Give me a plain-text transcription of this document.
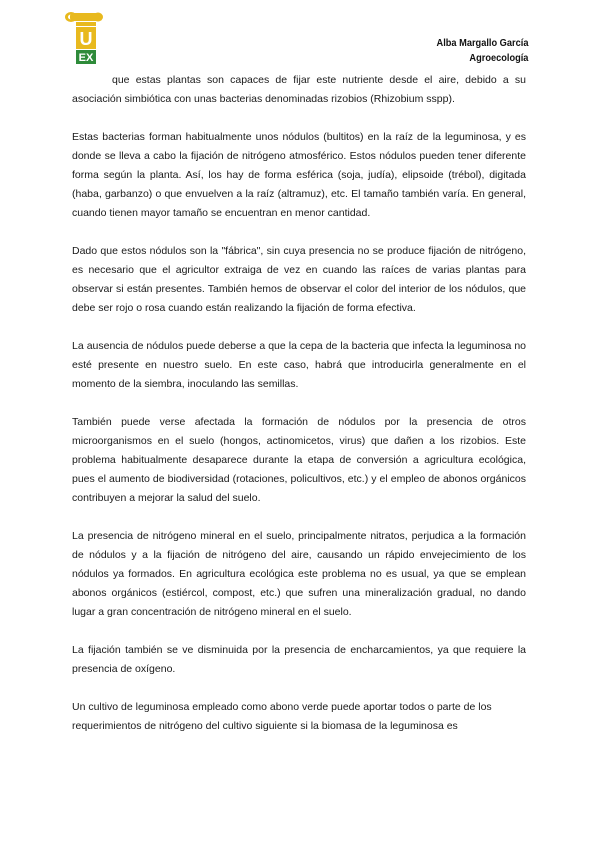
U
EX
Alba Margallo García
Agroecología

que estas plantas son capaces de fijar este nutriente desde el aire, debido a su asociación simbiótica con unas bacterias denominadas rizobios (Rhizobium sspp).

Estas bacterias forman habitualmente unos nódulos (bultitos) en la raíz de la leguminosa, y es donde se lleva a cabo la fijación de nitrógeno atmosférico. Estos nódulos pueden tener diferente forma según la planta. Así, los hay de forma esférica (soja, judía), elipsoide (trébol), digitada (haba, garbanzo) o que envuelven a la raíz (altramuz), etc. El tamaño también varía. En general, cuando tienen mayor tamaño se encuentran en menor cantidad.

Dado que estos nódulos son la "fábrica", sin cuya presencia no se produce fijación de nitrógeno, es necesario que el agricultor extraiga de vez en cuando las raíces de varias plantas para observar si están presentes. También hemos de observar el color del interior de los nódulos, que debe ser rojo o rosa cuando están realizando la fijación de forma efectiva.

La ausencia de nódulos puede deberse a que la cepa de la bacteria que infecta la leguminosa no esté presente en nuestro suelo. En este caso, habrá que introducirla generalmente en el momento de la siembra, inoculando las semillas.

También puede verse afectada la formación de nódulos por la presencia de otros microorganismos en el suelo (hongos, actinomicetos, virus) que dañen a los rizobios. Este problema habitualmente desaparece durante la etapa de conversión a agricultura ecológica, pues el aumento de biodiversidad (rotaciones, policultivos, etc.) y el empleo de abonos orgánicos contribuyen a mejorar la salud del suelo.

La presencia de nitrógeno mineral en el suelo, principalmente nitratos, perjudica a la formación de nódulos y a la fijación de nitrógeno del aire, causando un rápido envejecimiento de los nódulos ya formados. En agricultura ecológica este problema no es usual, ya que se emplean abonos orgánicos (estiércol, compost, etc.) que sufren una mineralización gradual, no dando lugar a gran concentración de nitrógeno mineral en el suelo.

La fijación también se ve disminuida por la presencia de encharcamientos, ya que requiere la presencia de oxígeno.

Un cultivo de leguminosa empleado como abono verde puede aportar todos o parte de los requerimientos de nitrógeno del cultivo siguiente si la biomasa de la leguminosa es
